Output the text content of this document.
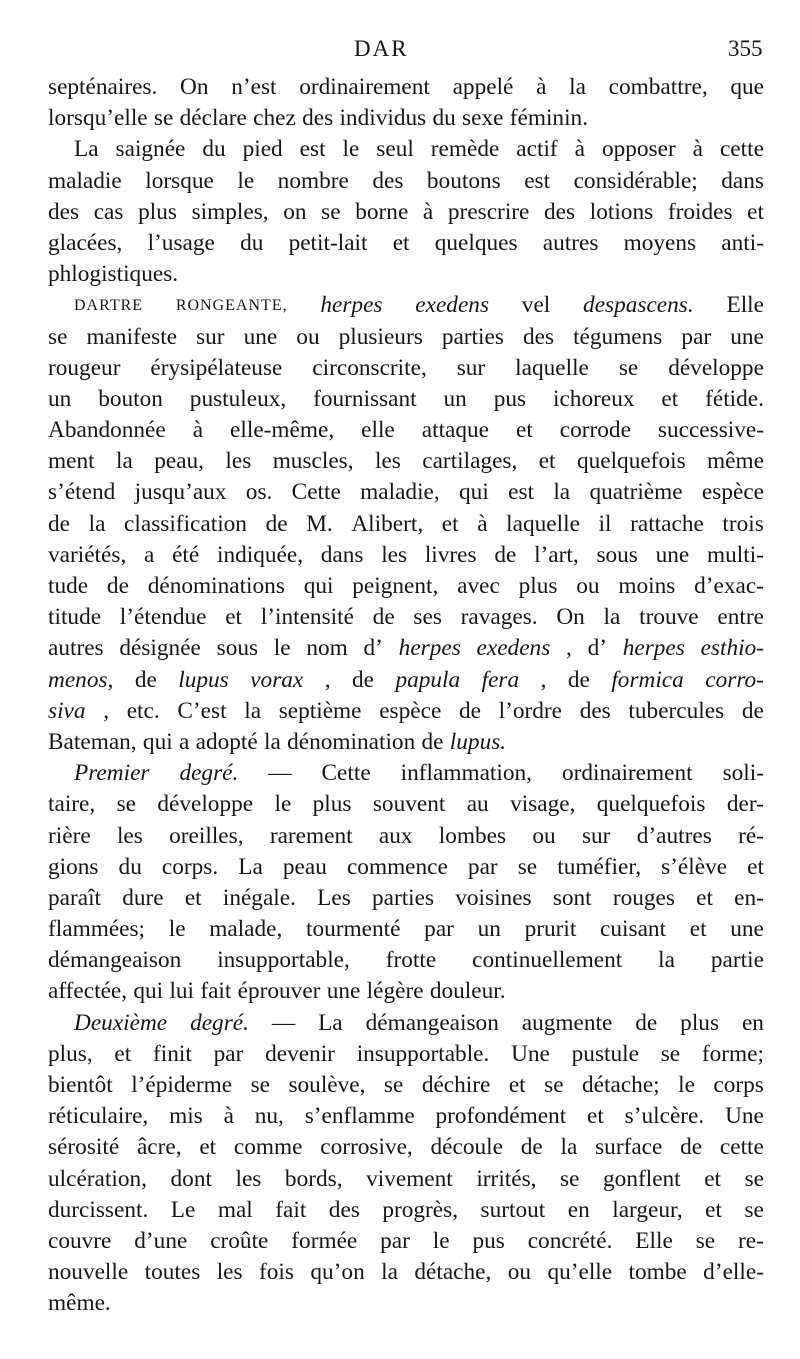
DAR	355
septénaires. On n’est ordinairement appelé à la combattre, que
lorsqu’elle se déclare chez des individus du sexe féminin.
La saignée du pied est le seul remède actif à opposer à cette
maladie lorsque le nombre des boutons est considérable; dans
des cas plus simples, on se borne à prescrire des lotions froides et
glacées, l’usage du petit-lait et quelques autres moyens anti-
phlogistiques.
DARTRE RONGEANTE, herpes exedens vel despascens. Elle
se manifeste sur une ou plusieurs parties des tégumens par une
rougeur érysipélateuse circonscrite, sur laquelle se développe
un bouton pustuleux, fournissant un pus ichoreux et fétide.
Abandonnée à elle-même, elle attaque et corrode successive-
ment la peau, les muscles, les cartilages, et quelquefois même
s’étend jusqu’aux os. Cette maladie, qui est la quatrième espèce
de la classification de M. Alibert, et à laquelle il rattache trois
variétés, a été indiquée, dans les livres de l’art, sous une multi-
tude de dénominations qui peignent, avec plus ou moins d’exac-
titude l’étendue et l’intensité de ses ravages. On la trouve entre
autres désignée sous le nom d’ herpes exedens , d’ herpes esthio-
menos, de lupus vorax , de papula fera , de formica corro-
siva , etc. C’est la septième espèce de l’ordre des tubercules de
Bateman, qui a adopté la dénomination de lupus.
Premier degré. — Cette inflammation, ordinairement soli-
taire, se développe le plus souvent au visage, quelquefois der-
rière les oreilles, rarement aux lombes ou sur d’autres ré-
gions du corps. La peau commence par se tuméfier, s’élève et
paraît dure et inégale. Les parties voisines sont rouges et en-
flammées; le malade, tourmenté par un prurit cuisant et une
démangeaison insupportable, frotte continuellement la partie
affectée, qui lui fait éprouver une légère douleur.
Deuxième degré. — La démangeaison augmente de plus en
plus, et finit par devenir insupportable. Une pustule se forme;
bientôt l’épiderme se soulève, se déchire et se détache; le corps
réticulaire, mis à nu, s’enflamme profondément et s’ulcère. Une
sérosité âcre, et comme corrosive, découle de la surface de cette
ulcération, dont les bords, vivement irrités, se gonflent et se
durcissent. Le mal fait des progrès, surtout en largeur, et se
couvre d’une croûte formée par le pus concrété. Elle se re-
nouvelle toutes les fois qu’on la détache, ou qu’elle tombe d’elle-
même.
